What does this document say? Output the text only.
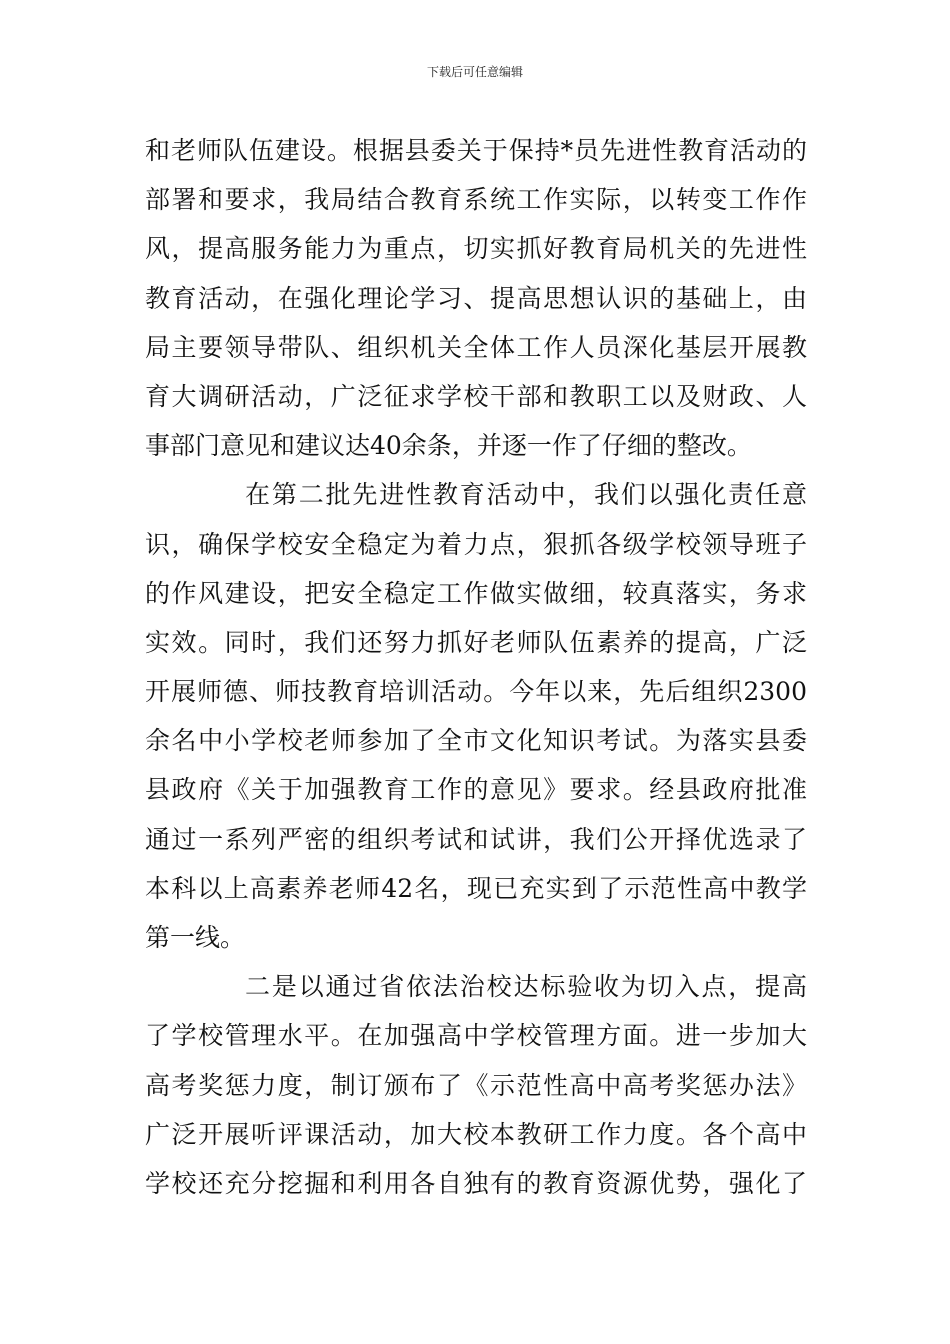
下载后可任意编辑
和老师队伍建设。根据县委关于保持*员先进性教育活动的
部署和要求，我局结合教育系统工作实际，以转变工作作
风，提高服务能力为重点，切实抓好教育局机关的先进性
教育活动，在强化理论学习、提高思想认识的基础上，由
局主要领导带队、组织机关全体工作人员深化基层开展教
育大调研活动，广泛征求学校干部和教职工以及财政、人
事部门意见和建议达40余条，并逐一作了仔细的整改。
在第二批先进性教育活动中，我们以强化责任意
识，确保学校安全稳定为着力点，狠抓各级学校领导班子
的作风建设，把安全稳定工作做实做细，较真落实，务求
实效。同时，我们还努力抓好老师队伍素养的提高，广泛
开展师德、师技教育培训活动。今年以来，先后组织2300
余名中小学校老师参加了全市文化知识考试。为落实县委
县政府《关于加强教育工作的意见》要求。经县政府批准
通过一系列严密的组织考试和试讲，我们公开择优选录了
本科以上高素养老师42名，现已充实到了示范性高中教学
第一线。
二是以通过省依法治校达标验收为切入点，提高
了学校管理水平。在加强高中学校管理方面。进一步加大
高考奖惩力度，制订颁布了《示范性高中高考奖惩办法》
广泛开展听评课活动，加大校本教研工作力度。各个高中
学校还充分挖掘和利用各自独有的教育资源优势，强化了
